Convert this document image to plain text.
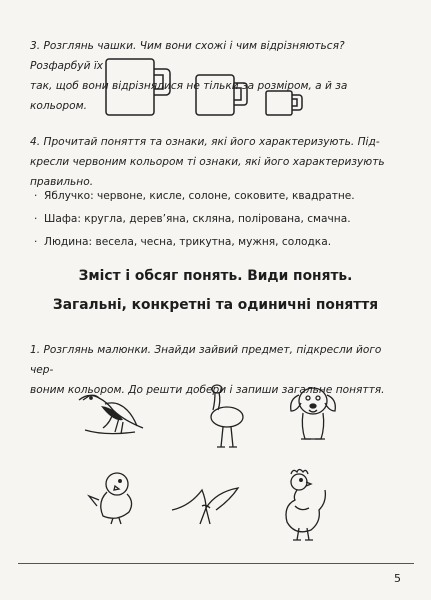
3. Розглянь чашки. Чим вони схожі і чим відрізняються? Розфарбуй їх
так, щоб вони відрізнялися не тільки за розміром, а й за кольором.
4. Прочитай поняття та ознаки, які його характеризують. Під-
кресли червоним кольором ті ознаки, які його характеризують
правильно.
· Яблучко: червоне, кисле, солоне, соковите, квадратне.
· Шафа: кругла, дерев’яна, скляна, полірована, смачна.
· Людина: весела, чесна, трикутна, мужня, солодка.
Зміст і обсяг понять. Види понять.
Загальні, конкретні та одиничні поняття
1. Розглянь малюнки. Знайди зайвий предмет, підкресли його чер-
воним кольором. До решти добери і запиши загальне поняття.
5
